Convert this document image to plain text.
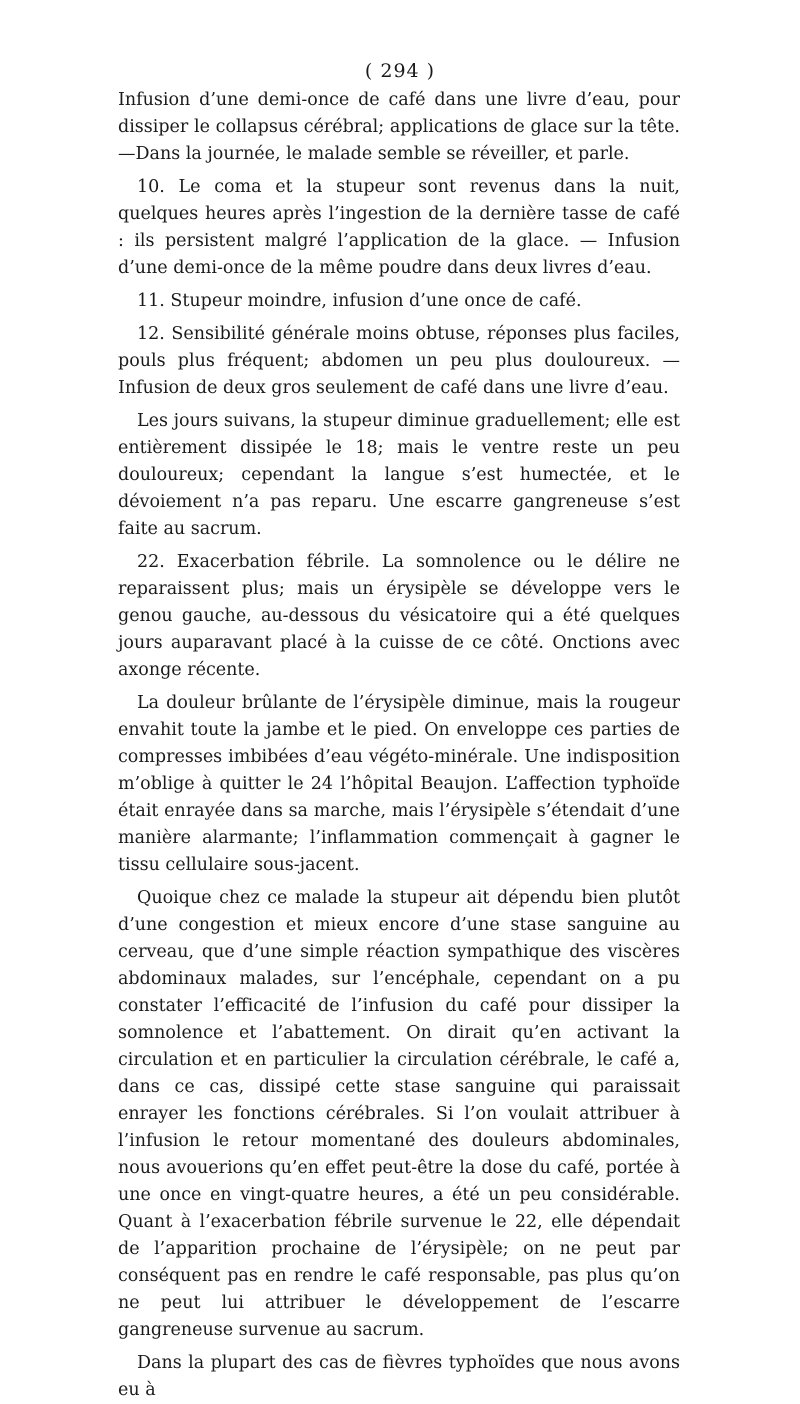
( 294 )

Infusion d’une demi-once de café dans une livre d’eau, pour dissiper le collapsus cérébral; applications de glace sur la tête.—Dans la journée, le malade semble se réveiller, et parle.

10. Le coma et la stupeur sont revenus dans la nuit, quelques heures après l’ingestion de la dernière tasse de café : ils persistent malgré l’application de la glace. — Infusion d’une demi-once de la même poudre dans deux livres d’eau.

11. Stupeur moindre, infusion d’une once de café.

12. Sensibilité générale moins obtuse, réponses plus faciles, pouls plus fréquent; abdomen un peu plus douloureux. — Infusion de deux gros seulement de café dans une livre d’eau.

Les jours suivans, la stupeur diminue graduellement; elle est entièrement dissipée le 18; mais le ventre reste un peu douloureux; cependant la langue s’est humectée, et le dévoiement n’a pas reparu. Une escarre gangreneuse s’est faite au sacrum.

22. Exacerbation fébrile. La somnolence ou le délire ne reparaissent plus; mais un érysipèle se développe vers le genou gauche, au-dessous du vésicatoire qui a été quelques jours auparavant placé à la cuisse de ce côté. Onctions avec axonge récente.

La douleur brûlante de l’érysipèle diminue, mais la rougeur envahit toute la jambe et le pied. On enveloppe ces parties de compresses imbibées d’eau végéto-minérale. Une indisposition m’oblige à quitter le 24 l’hôpital Beaujon. L’affection typhoïde était enrayée dans sa marche, mais l’érysipèle s’étendait d’une manière alarmante; l’inflammation commençait à gagner le tissu cellulaire sous-jacent.

Quoique chez ce malade la stupeur ait dépendu bien plutôt d’une congestion et mieux encore d’une stase sanguine au cerveau, que d’une simple réaction sympathique des viscères abdominaux malades, sur l’encéphale, cependant on a pu constater l’efficacité de l’infusion du café pour dissiper la somnolence et l’abattement. On dirait qu’en activant la circulation et en particulier la circulation cérébrale, le café a, dans ce cas, dissipé cette stase sanguine qui paraissait enrayer les fonctions cérébrales. Si l’on voulait attribuer à l’infusion le retour momentané des douleurs abdominales, nous avouerions qu’en effet peut-être la dose du café, portée à une once en vingt-quatre heures, a été un peu considérable. Quant à l’exacerbation fébrile survenue le 22, elle dépendait de l’apparition prochaine de l’érysipèle; on ne peut par conséquent pas en rendre le café responsable, pas plus qu’on ne peut lui attribuer le développement de l’escarre gangreneuse survenue au sacrum.

Dans la plupart des cas de fièvres typhoïdes que nous avons eu à
